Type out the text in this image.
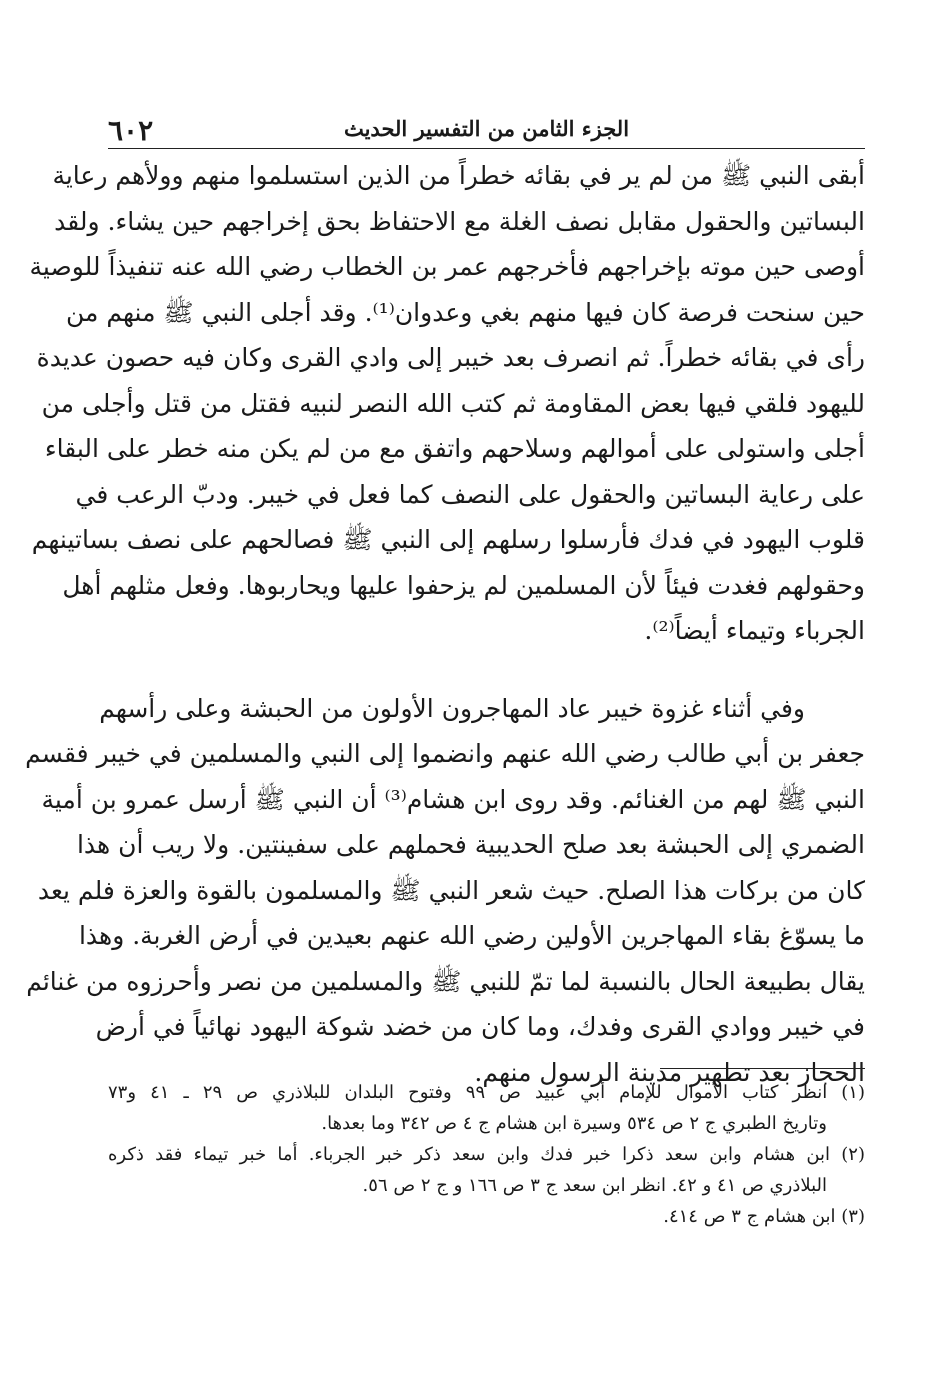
الجزء الثامن من التفسير الحديث
٦٠٢
أبقى النبي ﷺ من لم ير في بقائه خطراً من الذين استسلموا منهم وولأهم رعاية
البساتين والحقول مقابل نصف الغلة مع الاحتفاظ بحق إخراجهم حين يشاء. ولقد
أوصى حين موته بإخراجهم فأخرجهم عمر بن الخطاب رضي الله عنه تنفيذاً للوصية
حين سنحت فرصة كان فيها منهم بغي وعدوان⁽¹⁾. وقد أجلى النبي ﷺ منهم من
رأى في بقائه خطراً. ثم انصرف بعد خيبر إلى وادي القرى وكان فيه حصون عديدة
لليهود فلقي فيها بعض المقاومة ثم كتب الله النصر لنبيه فقتل من قتل وأجلى من
أجلى واستولى على أموالهم وسلاحهم واتفق مع من لم يكن منه خطر على البقاء
على رعاية البساتين والحقول على النصف كما فعل في خيبر. ودبّ الرعب في
قلوب اليهود في فدك فأرسلوا رسلهم إلى النبي ﷺ فصالحهم على نصف بساتينهم
وحقولهم فغدت فيئاً لأن المسلمين لم يزحفوا عليها ويحاربوها. وفعل مثلهم أهل
الجرباء وتيماء أيضاً⁽²⁾.
وفي أثناء غزوة خيبر عاد المهاجرون الأولون من الحبشة وعلى رأسهم
جعفر بن أبي طالب رضي الله عنهم وانضموا إلى النبي والمسلمين في خيبر فقسم
النبي ﷺ لهم من الغنائم. وقد روى ابن هشام⁽³⁾ أن النبي ﷺ أرسل عمرو بن أمية
الضمري إلى الحبشة بعد صلح الحديبية فحملهم على سفينتين. ولا ريب أن هذا
كان من بركات هذا الصلح. حيث شعر النبي ﷺ والمسلمون بالقوة والعزة فلم يعد
ما يسوّغ بقاء المهاجرين الأولين رضي الله عنهم بعيدين في أرض الغربة. وهذا
يقال بطبيعة الحال بالنسبة لما تمّ للنبي ﷺ والمسلمين من نصر وأحرزوه من غنائم
في خيبر ووادي القرى وفدك، وما كان من خضد شوكة اليهود نهائياً في أرض
الحجاز بعد تطهير مدينة الرسول منهم.
(١) انظر كتاب الأموال للإمام أبي عبيد ص ٩٩ وفتوح البلدان للبلاذري ص ٢٩ ـ ٤١ و٧٣
وتاريخ الطبري ج ٢ ص ٥٣٤ وسيرة ابن هشام ج ٤ ص ٣٤٢ وما بعدها.
(٢) ابن هشام وابن سعد ذكرا خبر فدك وابن سعد ذكر خبر الجرباء. أما خبر تيماء فقد ذكره
البلاذري ص ٤١ و ٤٢. انظر ابن سعد ج ٣ ص ١٦٦ و ج ٢ ص ٥٦.
(٣) ابن هشام ج ٣ ص ٤١٤.
